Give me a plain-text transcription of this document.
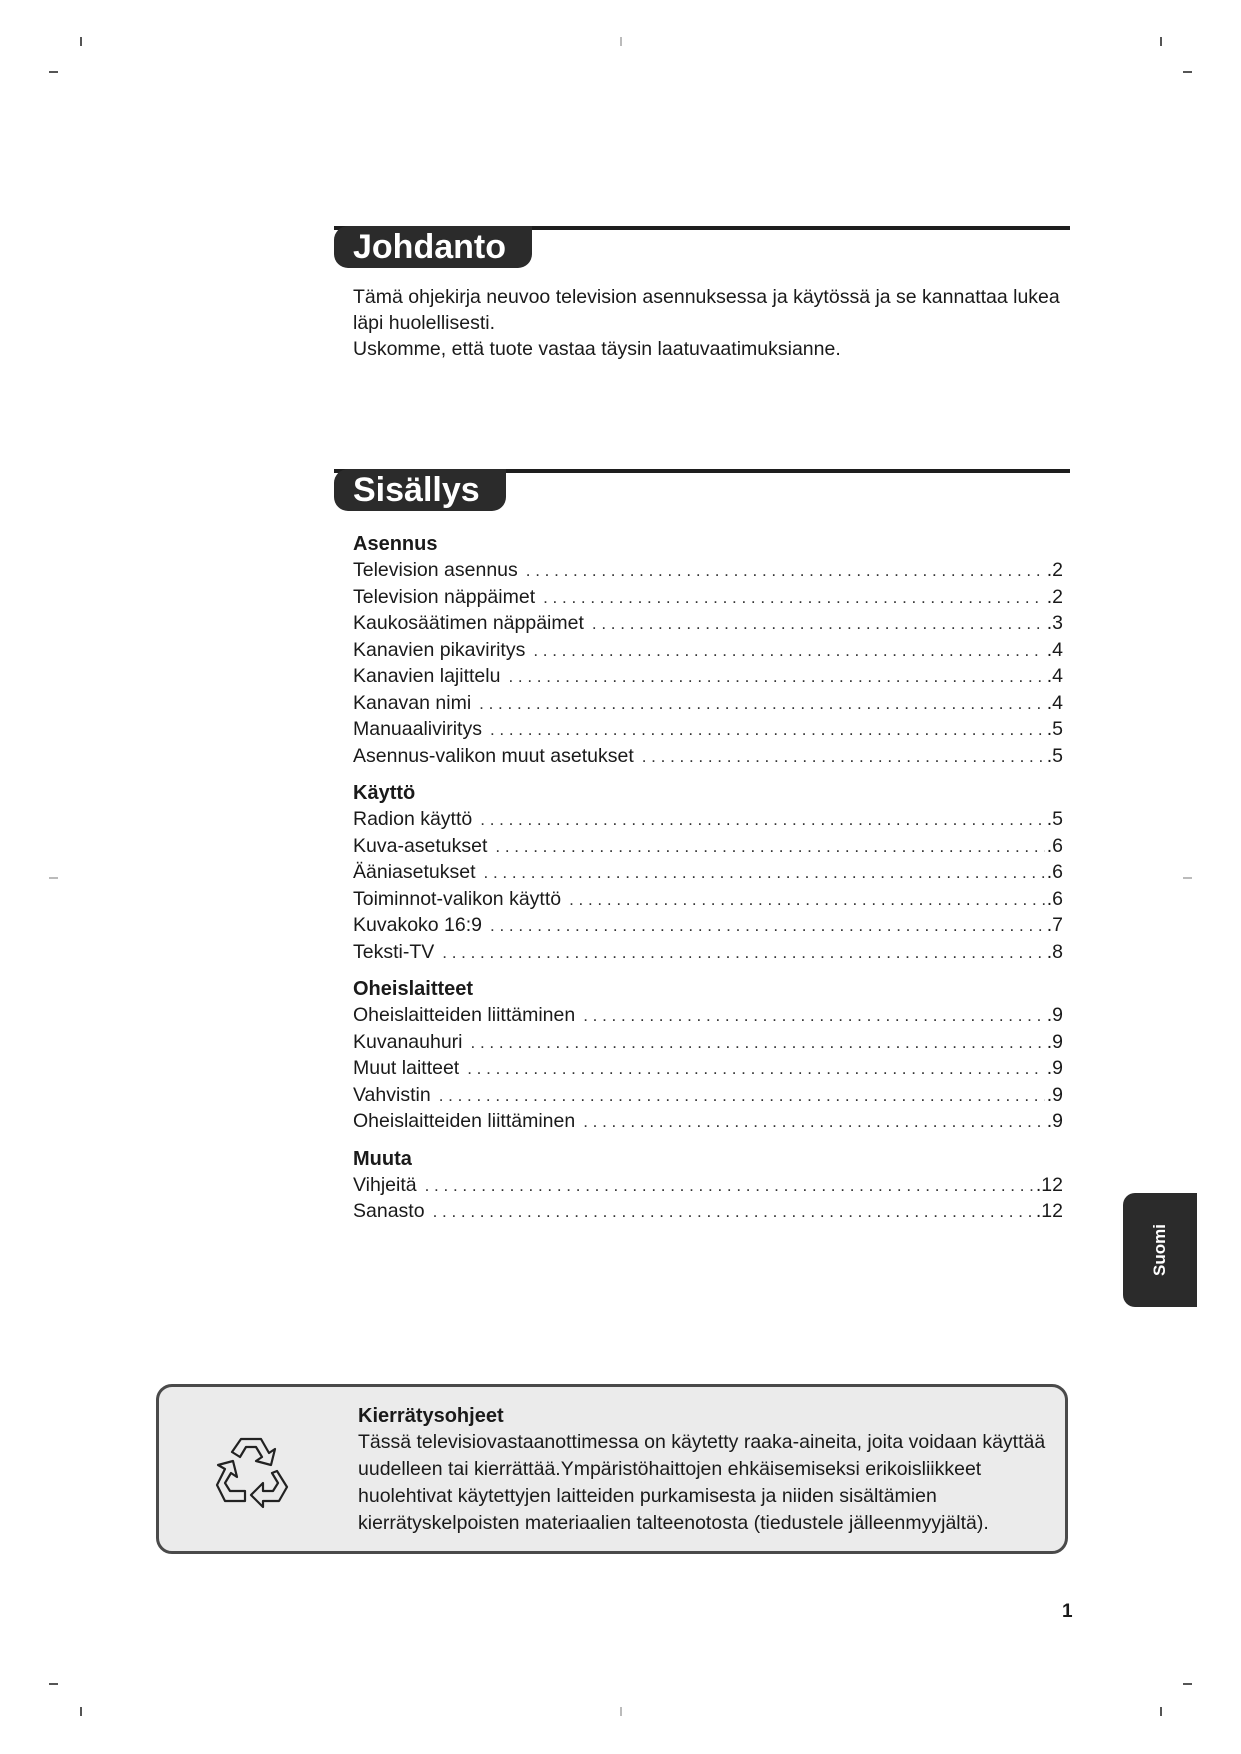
Johdanto

Tämä ohjekirja neuvoo television asennuksessa ja käytössä ja se kannattaa lukea

läpi huolellisesti.

Uskomme, että tuote vastaa täysin laatuvaatimuksianne.

Sisällys
Asennus
Television asennus . . .	.2
Television näppäimet . . .	.2
Kaukosäätimen näppäimet . . .	.3
Kanavien pikaviritys . . .	.4
Kanavien lajittelu . . .	.4
Kanavan nimi . . .	.4
Manuaaliviritys . . .	.5
Asennus-valikon muut asetukset . . .	.5
Käyttö
Radion käyttö . . .	.5
Kuva-asetukset . . .	.6
Ääniasetukset . . .	.6
Toiminnot-valikon käyttö . . .	.6
Kuvakoko 16:9 . . .	.7
Teksti-TV . . .	.8
Oheislaitteet
Oheislaitteiden liittäminen . . .	.9
Kuvanauhuri . . .	.9
Muut laitteet . . .	.9
Vahvistin . . .	.9
Oheislaitteiden liittäminen . . .	.9
Muuta
Vihjeitä . . .	.12
Sanasto . . .	.12
Suomi
Kierrätysohjeet
Tässä televisiovastaanottimessa on käytetty raaka-aineita, joita voidaan käyttää
uudelleen tai kierrättää.Ympäristöhaittojen ehkäisemiseksi erikoisliikkeet
huolehtivat käytettyjen laitteiden purkamisesta ja niiden sisältämien
kierrätyskelpoisten materiaalien talteenotosta (tiedustele jälleenmyyjältä).
1
